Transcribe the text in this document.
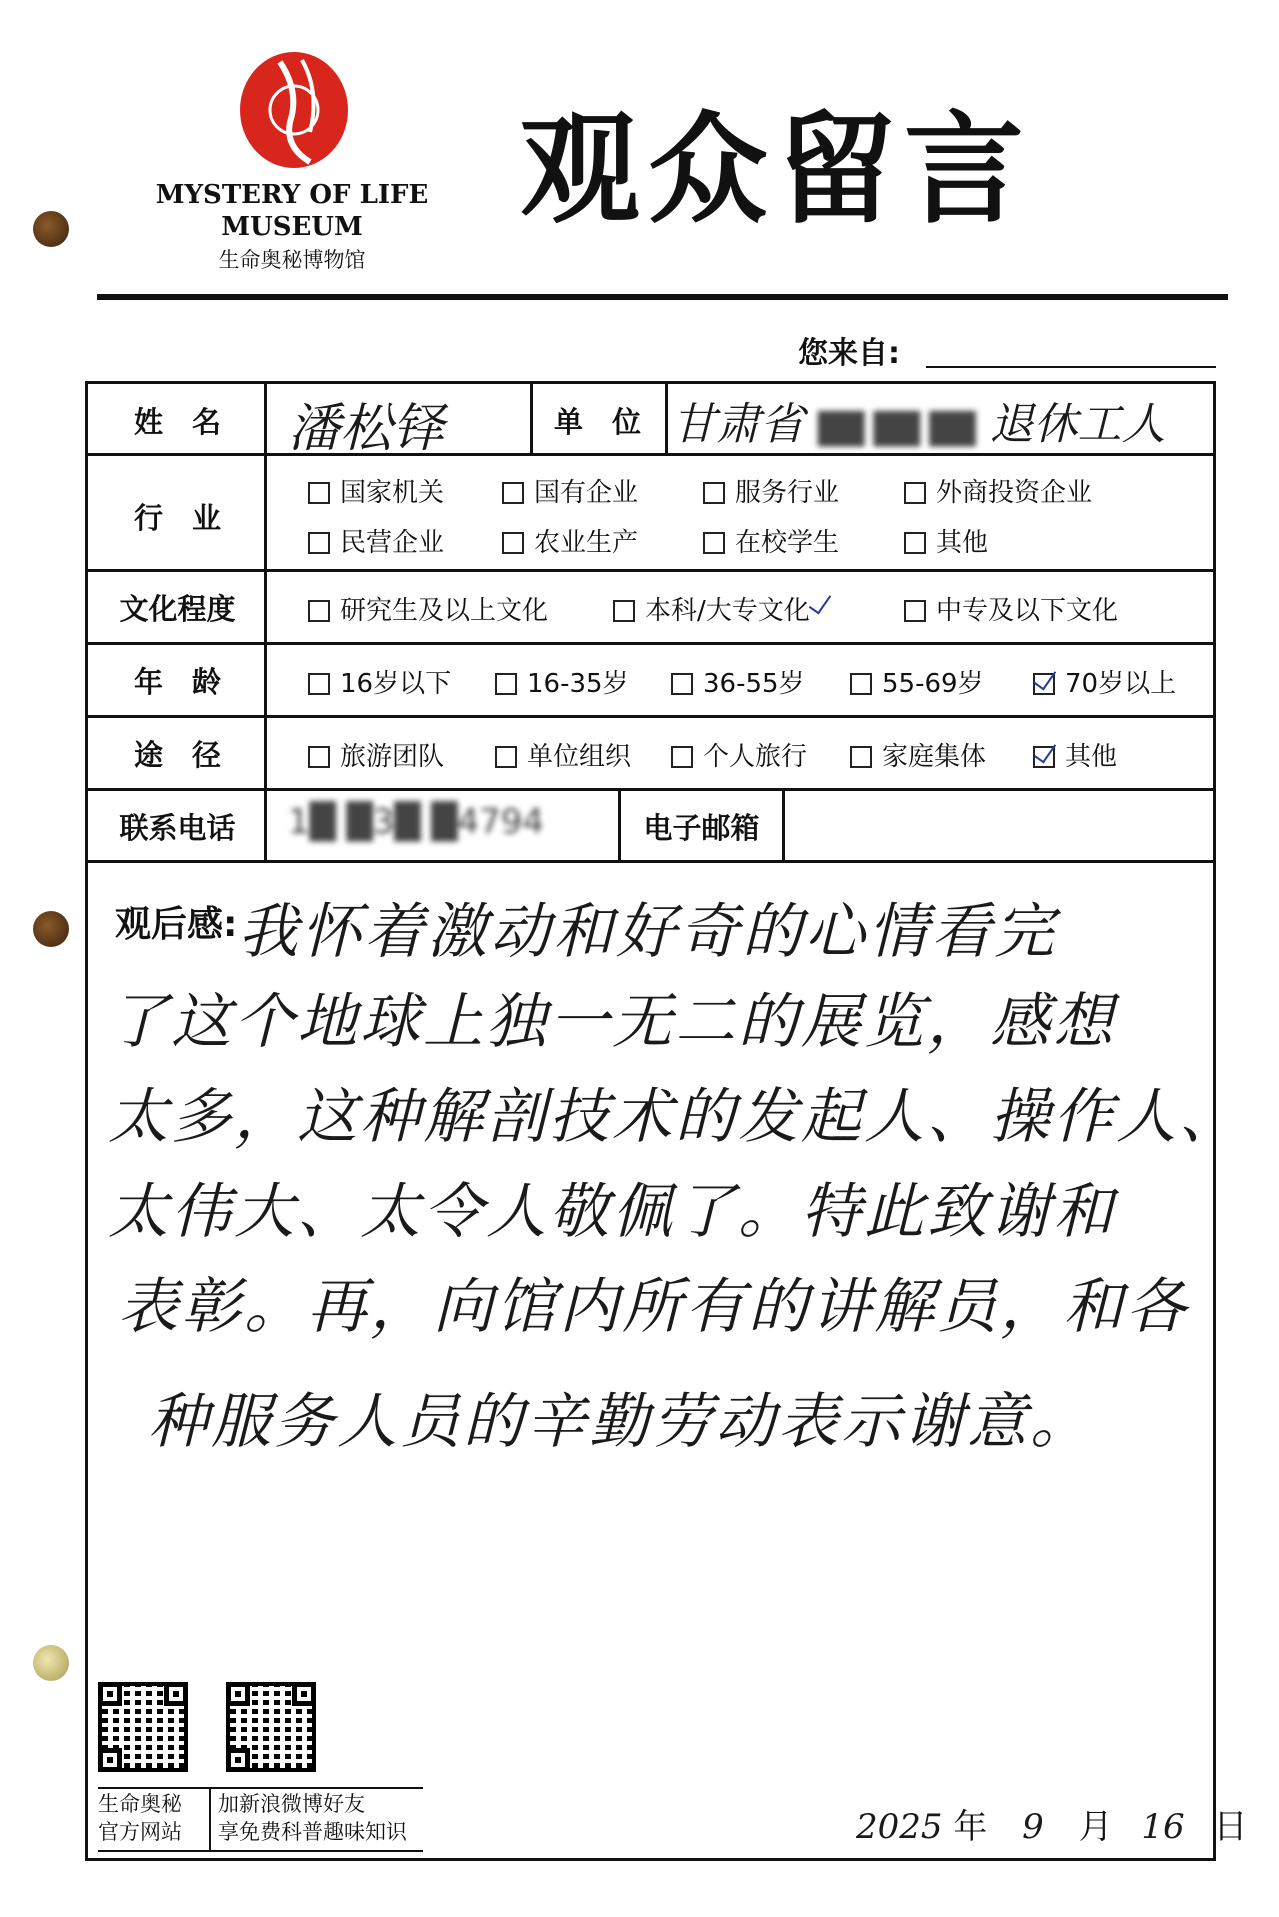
MYSTERY OF LIFE
MUSEUM
生命奥秘博物馆
观众留言
您来自:
姓　名	潘松铎	单　位 甘肃省 ██ ██ ██ 退休工人
行　业
国家机关	国有企业	服务行业	外商投资企业
民营企业	农业生产	在校学生	其他
文化程度	研究生及以上文化	本科/大专文化	中专及以下文化
年　龄	16岁以下	16-35岁	36-55岁	55-69岁	70岁以上
途　径	旅游团队	单位组织	个人旅行	家庭集体	其他
联系电话	1█ █3█ █4794	电子邮箱
观后感: 我怀着激动和好奇的心情看完
了这个地球上独一无二的展览，感想
太多，这种解剖技术的发起人、操作人、
太伟大、太令人敬佩了。特此致谢和
表彰。再，向馆内所有的讲解员，和各
种服务人员的辛勤劳动表示谢意。
生命奥秘
官方网站
加新浪微博好友
享免费科普趣味知识	2025 年 9 月 16 日
